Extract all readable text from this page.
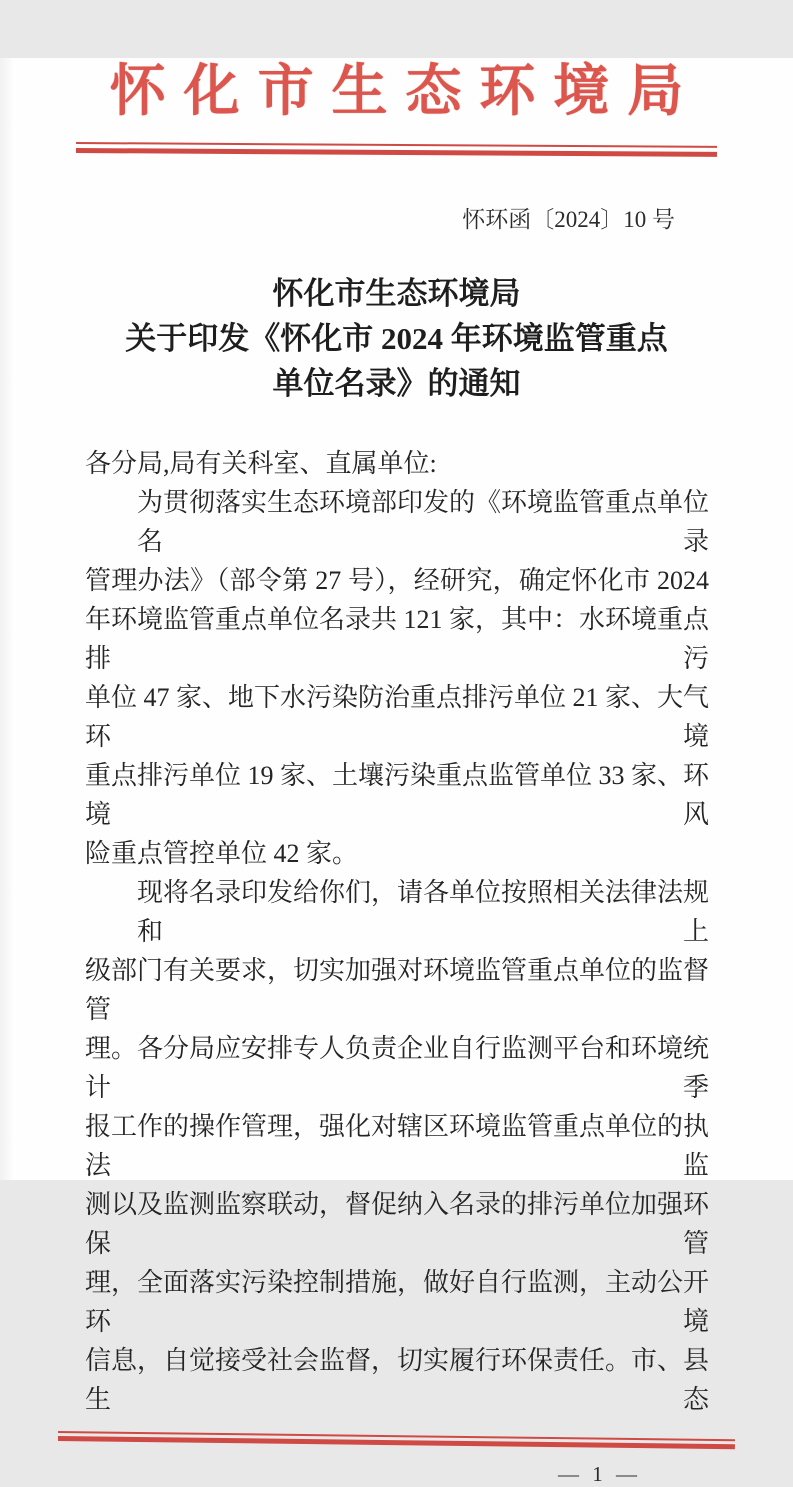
怀化市生态环境局
怀环函〔2024〕10 号
怀化市生态环境局
关于印发《怀化市 2024 年环境监管重点
单位名录》的通知
各分局,局有关科室、直属单位:
为贯彻落实生态环境部印发的《环境监管重点单位名录
管理办法》（部令第 27 号），经研究，确定怀化市 2024
年环境监管重点单位名录共 121 家，其中：水环境重点排污
单位 47 家、地下水污染防治重点排污单位 21 家、大气环境
重点排污单位 19 家、土壤污染重点监管单位 33 家、环境风
险重点管控单位 42 家。
现将名录印发给你们，请各单位按照相关法律法规和上
级部门有关要求，切实加强对环境监管重点单位的监督管
理。各分局应安排专人负责企业自行监测平台和环境统计季
报工作的操作管理，强化对辖区环境监管重点单位的执法监
测以及监测监察联动，督促纳入名录的排污单位加强环保管
理，全面落实污染控制措施，做好自行监测，主动公开环境
信息，自觉接受社会监督，切实履行环保责任。市、县生态
— 1 —
